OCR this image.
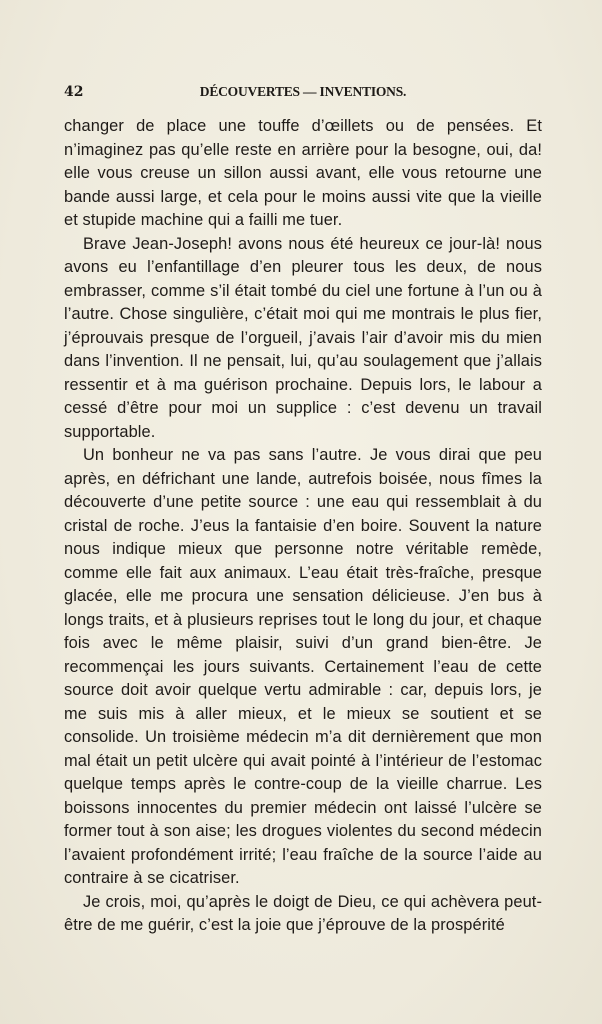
42	DÉCOUVERTES — INVENTIONS.

changer de place une touffe d’œillets ou de pensées. Et n’imaginez pas qu’elle reste en arrière pour la besogne, oui, da! elle vous creuse un sillon aussi avant, elle vous retourne une bande aussi large, et cela pour le moins aussi vite que la vieille et stupide machine qui a failli me tuer.

Brave Jean-Joseph! avons nous été heureux ce jour-là! nous avons eu l’enfantillage d’en pleurer tous les deux, de nous embrasser, comme s’il était tombé du ciel une fortune à l’un ou à l’autre. Chose singulière, c’était moi qui me montrais le plus fier, j’éprouvais presque de l’orgueil, j’avais l’air d’avoir mis du mien dans l’invention. Il ne pensait, lui, qu’au soulagement que j’allais ressentir et à ma guérison prochaine. Depuis lors, le labour a cessé d’être pour moi un supplice : c’est devenu un travail supportable.

Un bonheur ne va pas sans l’autre. Je vous dirai que peu après, en défrichant une lande, autrefois boisée, nous fîmes la découverte d’une petite source : une eau qui ressemblait à du cristal de roche. J’eus la fantaisie d’en boire. Souvent la nature nous indique mieux que personne notre véritable remède, comme elle fait aux animaux. L’eau était très-fraîche, presque glacée, elle me procura une sensation délicieuse. J’en bus à longs traits, et à plusieurs reprises tout le long du jour, et chaque fois avec le même plaisir, suivi d’un grand bien-être. Je recommençai les jours suivants. Certainement l’eau de cette source doit avoir quelque vertu admirable : car, depuis lors, je me suis mis à aller mieux, et le mieux se soutient et se consolide. Un troisième médecin m’a dit dernièrement que mon mal était un petit ulcère qui avait pointé à l’intérieur de l’estomac quelque temps après le contre-coup de la vieille charrue. Les boissons innocentes du premier médecin ont laissé l’ulcère se former tout à son aise; les drogues violentes du second médecin l’avaient profondément irrité; l’eau fraîche de la source l’aide au contraire à se cicatriser.

Je crois, moi, qu’après le doigt de Dieu, ce qui achèvera peut-être de me guérir, c’est la joie que j’éprouve de la prospérité
